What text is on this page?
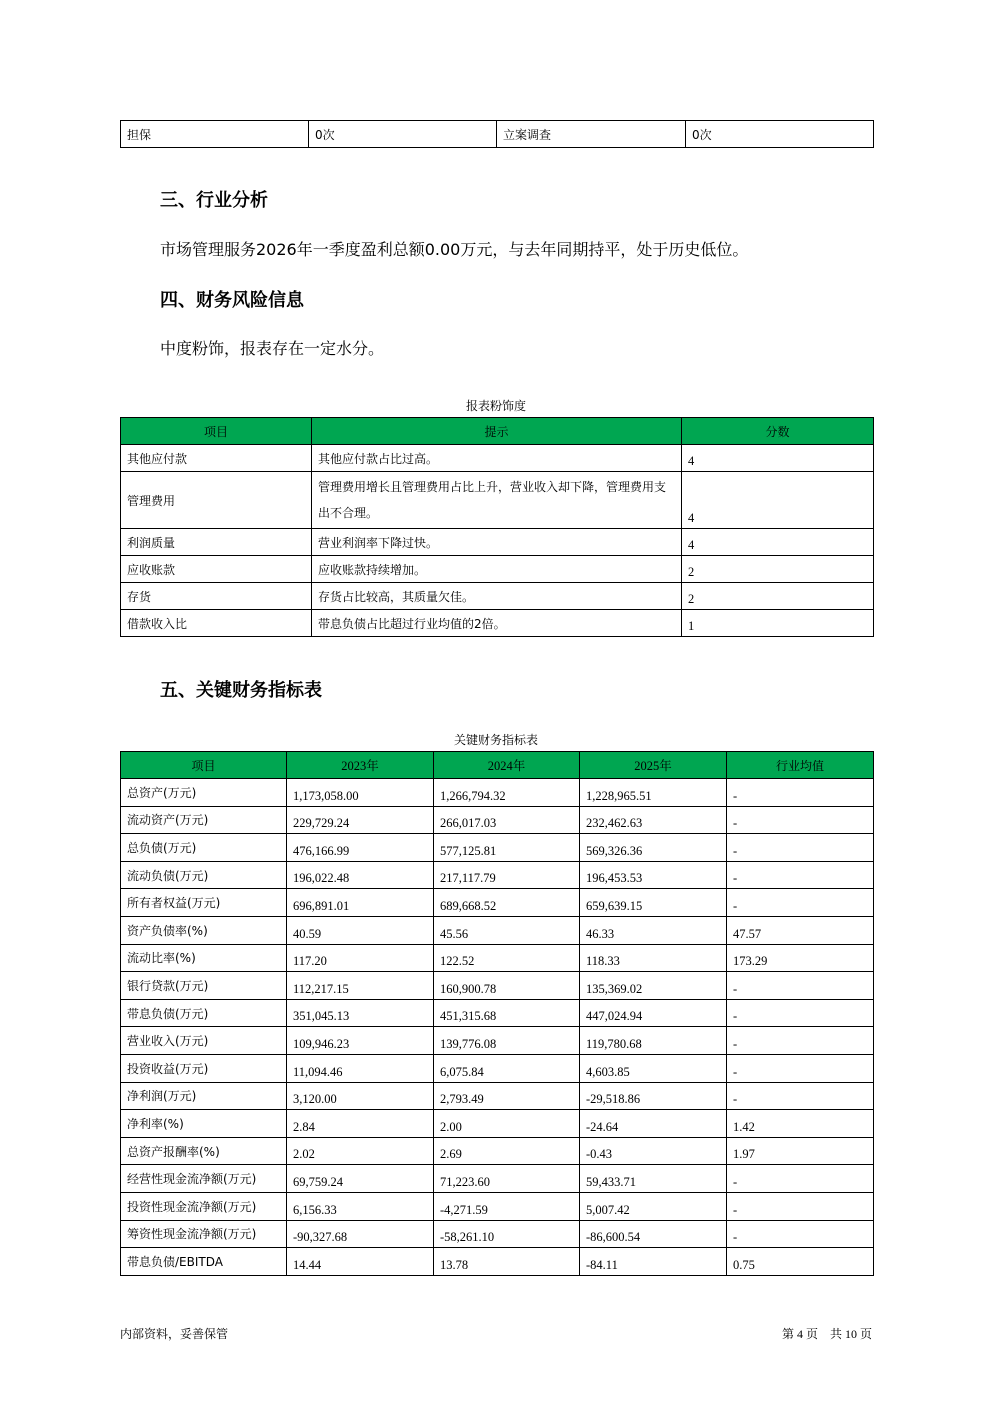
担保	0次	立案调查	0次
三、行业分析
市场管理服务2026年一季度盈利总额0.00万元，与去年同期持平，处于历史低位。
四、财务风险信息
中度粉饰，报表存在一定水分。
报表粉饰度
项目	提示	分数
其他应付款	其他应付款占比过高。	4
管理费用	管理费用增长且管理费用占比上升，营业收入却下降，管理费用支出不合理。	4
利润质量	营业利润率下降过快。	4
应收账款	应收账款持续增加。	2
存货	存货占比较高，其质量欠佳。	2
借款收入比	带息负债占比超过行业均值的2倍。	1
五、关键财务指标表
关键财务指标表
项目	2023年	2024年	2025年	行业均值
总资产(万元)	1,173,058.00	1,266,794.32	1,228,965.51	-
流动资产(万元)	229,729.24	266,017.03	232,462.63	-
总负债(万元)	476,166.99	577,125.81	569,326.36	-
流动负债(万元)	196,022.48	217,117.79	196,453.53	-
所有者权益(万元)	696,891.01	689,668.52	659,639.15	-
资产负债率(%)	40.59	45.56	46.33	47.57
流动比率(%)	117.20	122.52	118.33	173.29
银行贷款(万元)	112,217.15	160,900.78	135,369.02	-
带息负债(万元)	351,045.13	451,315.68	447,024.94	-
营业收入(万元)	109,946.23	139,776.08	119,780.68	-
投资收益(万元)	11,094.46	6,075.84	4,603.85	-
净利润(万元)	3,120.00	2,793.49	-29,518.86	-
净利率(%)	2.84	2.00	-24.64	1.42
总资产报酬率(%)	2.02	2.69	-0.43	1.97
经营性现金流净额(万元)	69,759.24	71,223.60	59,433.71	-
投资性现金流净额(万元)	6,156.33	-4,271.59	5,007.42	-
筹资性现金流净额(万元)	-90,327.68	-58,261.10	-86,600.54	-
带息负债/EBITDA	14.44	13.78	-84.11	0.75
内部资料，妥善保管	第 4 页　共 10 页
